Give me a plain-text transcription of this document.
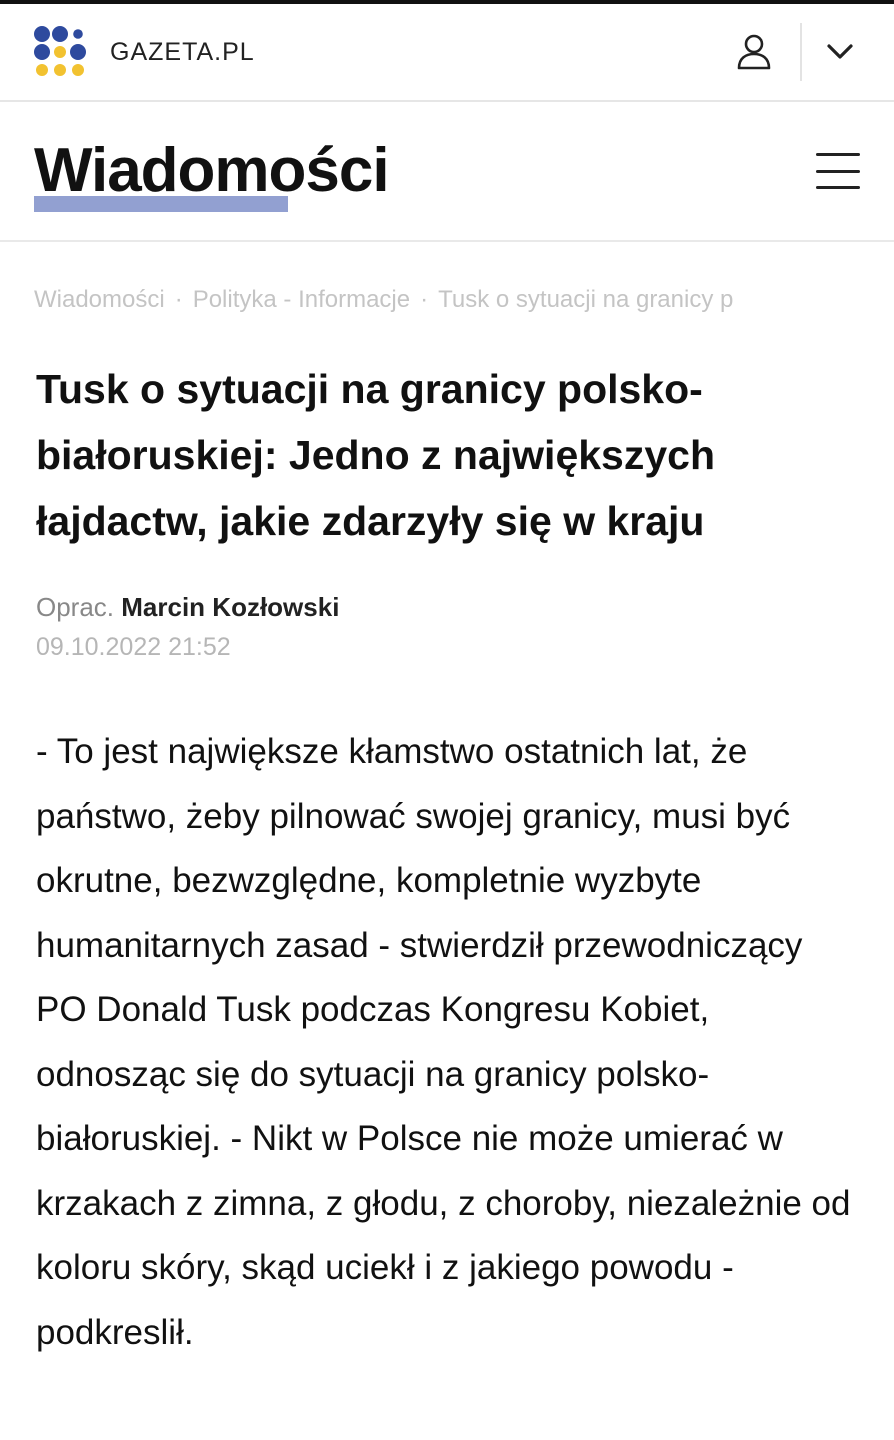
GAZETA.PL
Wiadomości
Wiadomości · Polityka - Informacje · Tusk o sytuacji na granicy p
Tusk o sytuacji na granicy polsko-białoruskiej: Jedno z największych łajdactw, jakie zdarzyły się w kraju
Oprac. Marcin Kozłowski
09.10.2022 21:52

- To jest największe kłamstwo ostatnich lat, że państwo, żeby pilnować swojej granicy, musi być okrutne, bezwzględne, kompletnie wyzbyte humanitarnych zasad - stwierdził przewodniczący PO Donald Tusk podczas Kongresu Kobiet, odnosząc się do sytuacji na granicy polsko-białoruskiej. - Nikt w Polsce nie może umierać w krzakach z zimna, z głodu, z choroby, niezależnie od koloru skóry, skąd uciekł i z jakiego powodu - podkreslił.
